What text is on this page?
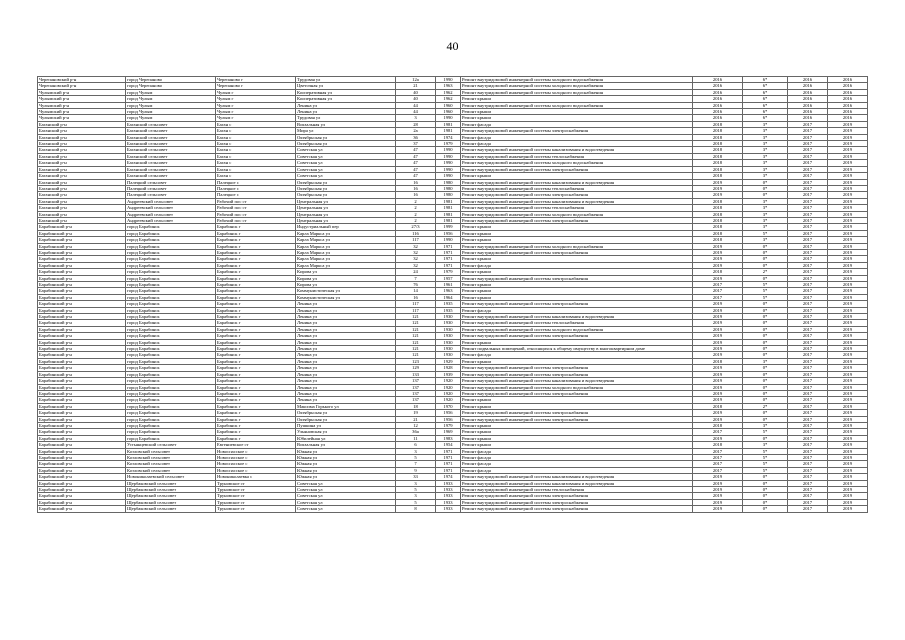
40
Черепановский р-н	город Черепаново	Черепаново г	Трудовая ул	12а	1990	Ремонт внутридомовой инженерной системы холодного водоснабжения	2016	6*	2016	2016
Черепановский р-н	город Черепаново	Черепаново г	Цветочная ул	21	1963	Ремонт внутридомовой инженерной системы холодного водоснабжения	2016	6*	2016	2016
Чулымский р-н	город Чулым	Чулым г	Кооперативная ул	40	1962	Ремонт внутридомовой инженерной системы холодного водоснабжения	2016	6*	2016	2016
Чулымский р-н	город Чулым	Чулым г	Кооперативная ул	40	1962	Ремонт крыши	2016	6*	2016	2016
Чулымский р-н	город Чулым	Чулым г	Ленина ул	44	1960	Ремонт внутридомовой инженерной системы холодного водоснабжения	2016	6*	2016	2016
Чулымский р-н	город Чулым	Чулым г	Ленина ул	44	1960	Ремонт крыши	2016	6*	2016	2016
Чулымский р-н	город Чулым	Чулым г	Трудовая ул	3	1990	Ремонт крыши	2016	6*	2016	2016
Баганский р-н	Баганский сельсовет	Баган с	Вокзальная ул	28	1981	Ремонт фасада	2018	3*	2017	2019
Баганский р-н	Баганский сельсовет	Баган с	Мира ул	2а	1981	Ремонт внутридомовой инженерной системы электроснабжения	2018	3*	2017	2019
Баганский р-н	Баганский сельсовет	Баган с	Октябрьская ул	36	1974	Ремонт фасада	2018	3*	2017	2019
Баганский р-н	Баганский сельсовет	Баган с	Октябрьская ул	37	1979	Ремонт фасада	2018	3*	2017	2019
Баганский р-н	Баганский сельсовет	Баган с	Советская ул	47	1990	Ремонт внутридомовой инженерной системы канализования и водоотведения	2018	3*	2017	2019
Баганский р-н	Баганский сельсовет	Баган с	Советская ул	47	1990	Ремонт внутридомовой инженерной системы теплоснабжения	2018	3*	2017	2019
Баганский р-н	Баганский сельсовет	Баган с	Советская ул	47	1990	Ремонт внутридомовой инженерной системы холодного водоснабжения	2018	3*	2017	2019
Баганский р-н	Баганский сельсовет	Баган с	Советская ул	47	1990	Ремонт внутридомовой инженерной системы электроснабжения	2018	3*	2017	2019
Баганский р-н	Баганский сельсовет	Баган с	Советская ул	47	1990	Ремонт крыши	2018	3*	2017	2019
Баганский р-н	Палецкий сельсовет	Палецкое с	Октябрьская ул	16	1980	Ремонт внутридомовой инженерной системы канализования и водоотведения	2019	0*	2017	2019
Баганский р-н	Палецкий сельсовет	Палецкое с	Октябрьская ул	16	1980	Ремонт внутридомовой инженерной системы теплоснабжения	2019	0*	2017	2019
Баганский р-н	Палецкий сельсовет	Палецкое с	Октябрьская ул	16	1980	Ремонт внутридомовой инженерной системы электроснабжения	2019	0*	2017	2019
Баганский р-н	Андреевский сельсовет	Рабочий пос ст	Центральная ул	2	1981	Ремонт внутридомовой инженерной системы канализования и водоотведения	2018	3*	2017	2019
Баганский р-н	Андреевский сельсовет	Рабочий пос ст	Центральная ул	2	1981	Ремонт внутридомовой инженерной системы теплоснабжения	2018	3*	2017	2019
Баганский р-н	Андреевский сельсовет	Рабочий пос ст	Центральная ул	2	1981	Ремонт внутридомовой инженерной системы холодного водоснабжения	2018	3*	2017	2019
Баганский р-н	Андреевский сельсовет	Рабочий пос ст	Центральная ул	2	1981	Ремонт внутридомовой инженерной системы электроснабжения	2018	3*	2017	2019
Барабинский р-н	город Барабинск	Барабинск г	Индустриальный пер	27/3	1999	Ремонт крыши	2018	3*	2017	2019
Барабинский р-н	город Барабинск	Барабинск г	Карла Маркса ул	116	1956	Ремонт крыши	2018	5*	2017	2019
Барабинский р-н	город Барабинск	Барабинск г	Карла Маркса ул	117	1990	Ремонт крыши	2018	3*	2017	2019
Барабинский р-н	город Барабинск	Барабинск г	Карла Маркса ул	32	1971	Ремонт внутридомовой инженерной системы холодного водоснабжения	2019	0*	2017	2019
Барабинский р-н	город Барабинск	Барабинск г	Карла Маркса ул	32	1971	Ремонт внутридомовой инженерной системы электроснабжения	2019	0*	2017	2019
Барабинский р-н	город Барабинск	Барабинск г	Карла Маркса ул	32	1971	Ремонт крыши	2019	0*	2017	2019
Барабинский р-н	город Барабинск	Барабинск г	Карла Маркса ул	32	1971	Ремонт фасада	2019	0*	2017	2019
Барабинский р-н	город Барабинск	Барабинск г	Кирова ул	24	1979	Ремонт крыши	2018	2*	2017	2019
Барабинский р-н	город Барабинск	Барабинск г	Кирова ул	7	1957	Ремонт внутридомовой инженерной системы электроснабжения	2019	0*	2017	2019
Барабинский р-н	город Барабинск	Барабинск г	Кирова ул	76	1961	Ремонт крыши	2017	5*	2017	2019
Барабинский р-н	город Барабинск	Барабинск г	Коммунистическая ул	14	1963	Ремонт крыши	2017	5*	2017	2019
Барабинский р-н	город Барабинск	Барабинск г	Коммунистическая ул	16	1964	Ремонт крыши	2017	5*	2017	2019
Барабинский р-н	город Барабинск	Барабинск г	Ленина ул	117	1935	Ремонт внутридомовой инженерной системы электроснабжения	2019	0*	2017	2019
Барабинский р-н	город Барабинск	Барабинск г	Ленина ул	117	1935	Ремонт фасада	2019	0*	2017	2019
Барабинский р-н	город Барабинск	Барабинск г	Ленина ул	121	1930	Ремонт внутридомовой инженерной системы канализования и водоотведения	2019	0*	2017	2019
Барабинский р-н	город Барабинск	Барабинск г	Ленина ул	121	1930	Ремонт внутридомовой инженерной системы теплоснабжения	2019	0*	2017	2019
Барабинский р-н	город Барабинск	Барабинск г	Ленина ул	121	1930	Ремонт внутридомовой инженерной системы холодного водоснабжения	2019	0*	2017	2019
Барабинский р-н	город Барабинск	Барабинск г	Ленина ул	121	1930	Ремонт внутридомовой инженерной системы электроснабжения	2019	0*	2017	2019
Барабинский р-н	город Барабинск	Барабинск г	Ленина ул	121	1930	Ремонт крыши	2019	0*	2017	2019
Барабинский р-н	город Барабинск	Барабинск г	Ленина ул	121	1930	Ремонт подвальных помещений, относящихся к общему имуществу в многоквартирном доме	2019	0*	2017	2019
Барабинский р-н	город Барабинск	Барабинск г	Ленина ул	121	1930	Ремонт фасада	2019	0*	2017	2019
Барабинский р-н	город Барабинск	Барабинск г	Ленина ул	123	1929	Ремонт крыши	2018	3*	2017	2019
Барабинский р-н	город Барабинск	Барабинск г	Ленина ул	129	1928	Ремонт внутридомовой инженерной системы электроснабжения	2019	0*	2017	2019
Барабинский р-н	город Барабинск	Барабинск г	Ленина ул	133	1939	Ремонт внутридомовой инженерной системы электроснабжения	2019	0*	2017	2019
Барабинский р-н	город Барабинск	Барабинск г	Ленина ул	137	1920	Ремонт внутридомовой инженерной системы канализования и водоотведения	2019	0*	2017	2019
Барабинский р-н	город Барабинск	Барабинск г	Ленина ул	137	1920	Ремонт внутридомовой инженерной системы холодного водоснабжения	2019	0*	2017	2019
Барабинский р-н	город Барабинск	Барабинск г	Ленина ул	137	1920	Ремонт внутридомовой инженерной системы электроснабжения	2019	0*	2017	2019
Барабинский р-н	город Барабинск	Барабинск г	Ленина ул	137	1920	Ремонт крыши	2019	0*	2017	2019
Барабинский р-н	город Барабинск	Барабинск г	Максима Горького ул	18	1970	Ремонт крыши	2018	2*	2017	2019
Барабинский р-н	город Барабинск	Барабинск г	Октябрьская ул	19	1956	Ремонт внутридомовой инженерной системы электроснабжения	2019	0*	2017	2019
Барабинский р-н	город Барабинск	Барабинск г	Октябрьская ул	21	1956	Ремонт внутридомовой инженерной системы электроснабжения	2019	0*	2017	2019
Барабинский р-н	город Барабинск	Барабинск г	Пушкина ул	12	1979	Ремонт крыши	2018	3*	2017	2019
Барабинский р-н	город Барабинск	Барабинск г	Ульяновская ул	36а	1969	Ремонт крыши	2017	5*	2017	2019
Барабинский р-н	город Барабинск	Барабинск г	Юбилейная ул	11	1983	Ремонт крыши	2019	0*	2017	2019
Барабинский р-н	Устьянцевский сельсовет	Евгениевское ст	Вокзальная ул	6	1954	Ремонт крыши	2018	3*	2017	2019
Барабинский р-н	Козловский сельсовет	Новоспасское с	Южная ул	3	1971	Ремонт фасада	2017	5*	2017	2019
Барабинский р-н	Козловский сельсовет	Новоспасское с	Южная ул	5	1971	Ремонт фасада	2017	5*	2017	2019
Барабинский р-н	Козловский сельсовет	Новоспасское с	Южная ул	7	1971	Ремонт фасада	2017	5*	2017	2019
Барабинский р-н	Козловский сельсовет	Новоспасское с	Южная ул	9	1971	Ремонт фасада	2017	5*	2017	2019
Барабинский р-н	Новониколаевский сельсовет	Новониколаевка с	Южная ул	33	1974	Ремонт внутридомовой инженерной системы канализования и водоотведения	2019	0*	2017	2019
Барабинский р-н	Щербаковский сельсовет	Труновское ст	Советская ул	3	1933	Ремонт внутридомовой инженерной системы канализования и водоотведения	2019	0*	2017	2019
Барабинский р-н	Щербаковский сельсовет	Труновское ст	Советская ул	5	1933	Ремонт внутридомовой инженерной системы теплоснабжения	2019	0*	2017	2019
Барабинский р-н	Щербаковский сельсовет	Труновское ст	Советская ул	3	1933	Ремонт внутридомовой инженерной системы электроснабжения	2019	0*	2017	2019
Барабинский р-н	Щербаковский сельсовет	Труновское ст	Советская ул	5	1933	Ремонт внутридомовой инженерной системы электроснабжения	2019	0*	2017	2019
Барабинский р-н	Щербаковский сельсовет	Труновское ст	Советская ул	8	1933	Ремонт внутридомовой инженерной системы электроснабжения	2019	0*	2017	2019
